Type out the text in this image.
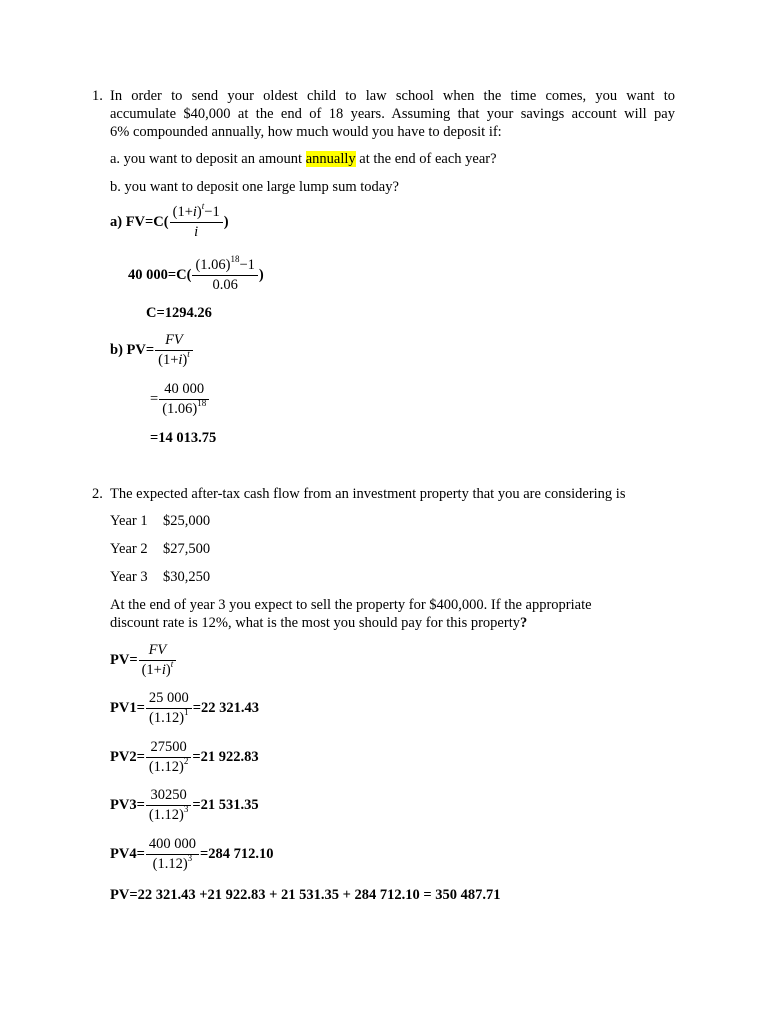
1. In order to send your oldest child to law school when the time comes, you want to
accumulate $40,000 at the end of 18 years. Assuming that your savings account will pay
6% compounded annually, how much would you have to deposit if:
a. you want to deposit an amount annually at the end of each year?
b. you want to deposit one large lump sum today?
a) $FV=C( \frac{(1+i)^t-1}{i}$ )
40 $000=C( \frac{(1.06)^{18}-1}{0.06}$ )
C=1294.26
b) $PV= \frac{FV}{(1+i)^t}$
= $\frac{40 000}{(1.06)^{18}}$
=14 013.75
2. The expected after-tax cash flow from an investment property that you are considering is
Year 1 $25,000
Year 2 $27,500
Year 3 $30,250
At the end of year 3 you expect to sell the property for $400,000. If the appropriate
discount rate is 12%, what is the most you should pay for this property?
$PV= \frac{FV}{(1+i)^t}$
$PV1= \frac{25 000}{(1.12)^1} =22$ 321.43
$PV2= \frac{27500}{(1.12)^2} =21$ 922.83
$PV3= \frac{30250}{(1.12)^3} =21$ 531.35
$PV4= \frac{400 000}{(1.12)^3} =284$ 712.10
PV=22 321.43 +21 922.83 + 21 531.35 + 284 712.10 = 350 487.71
